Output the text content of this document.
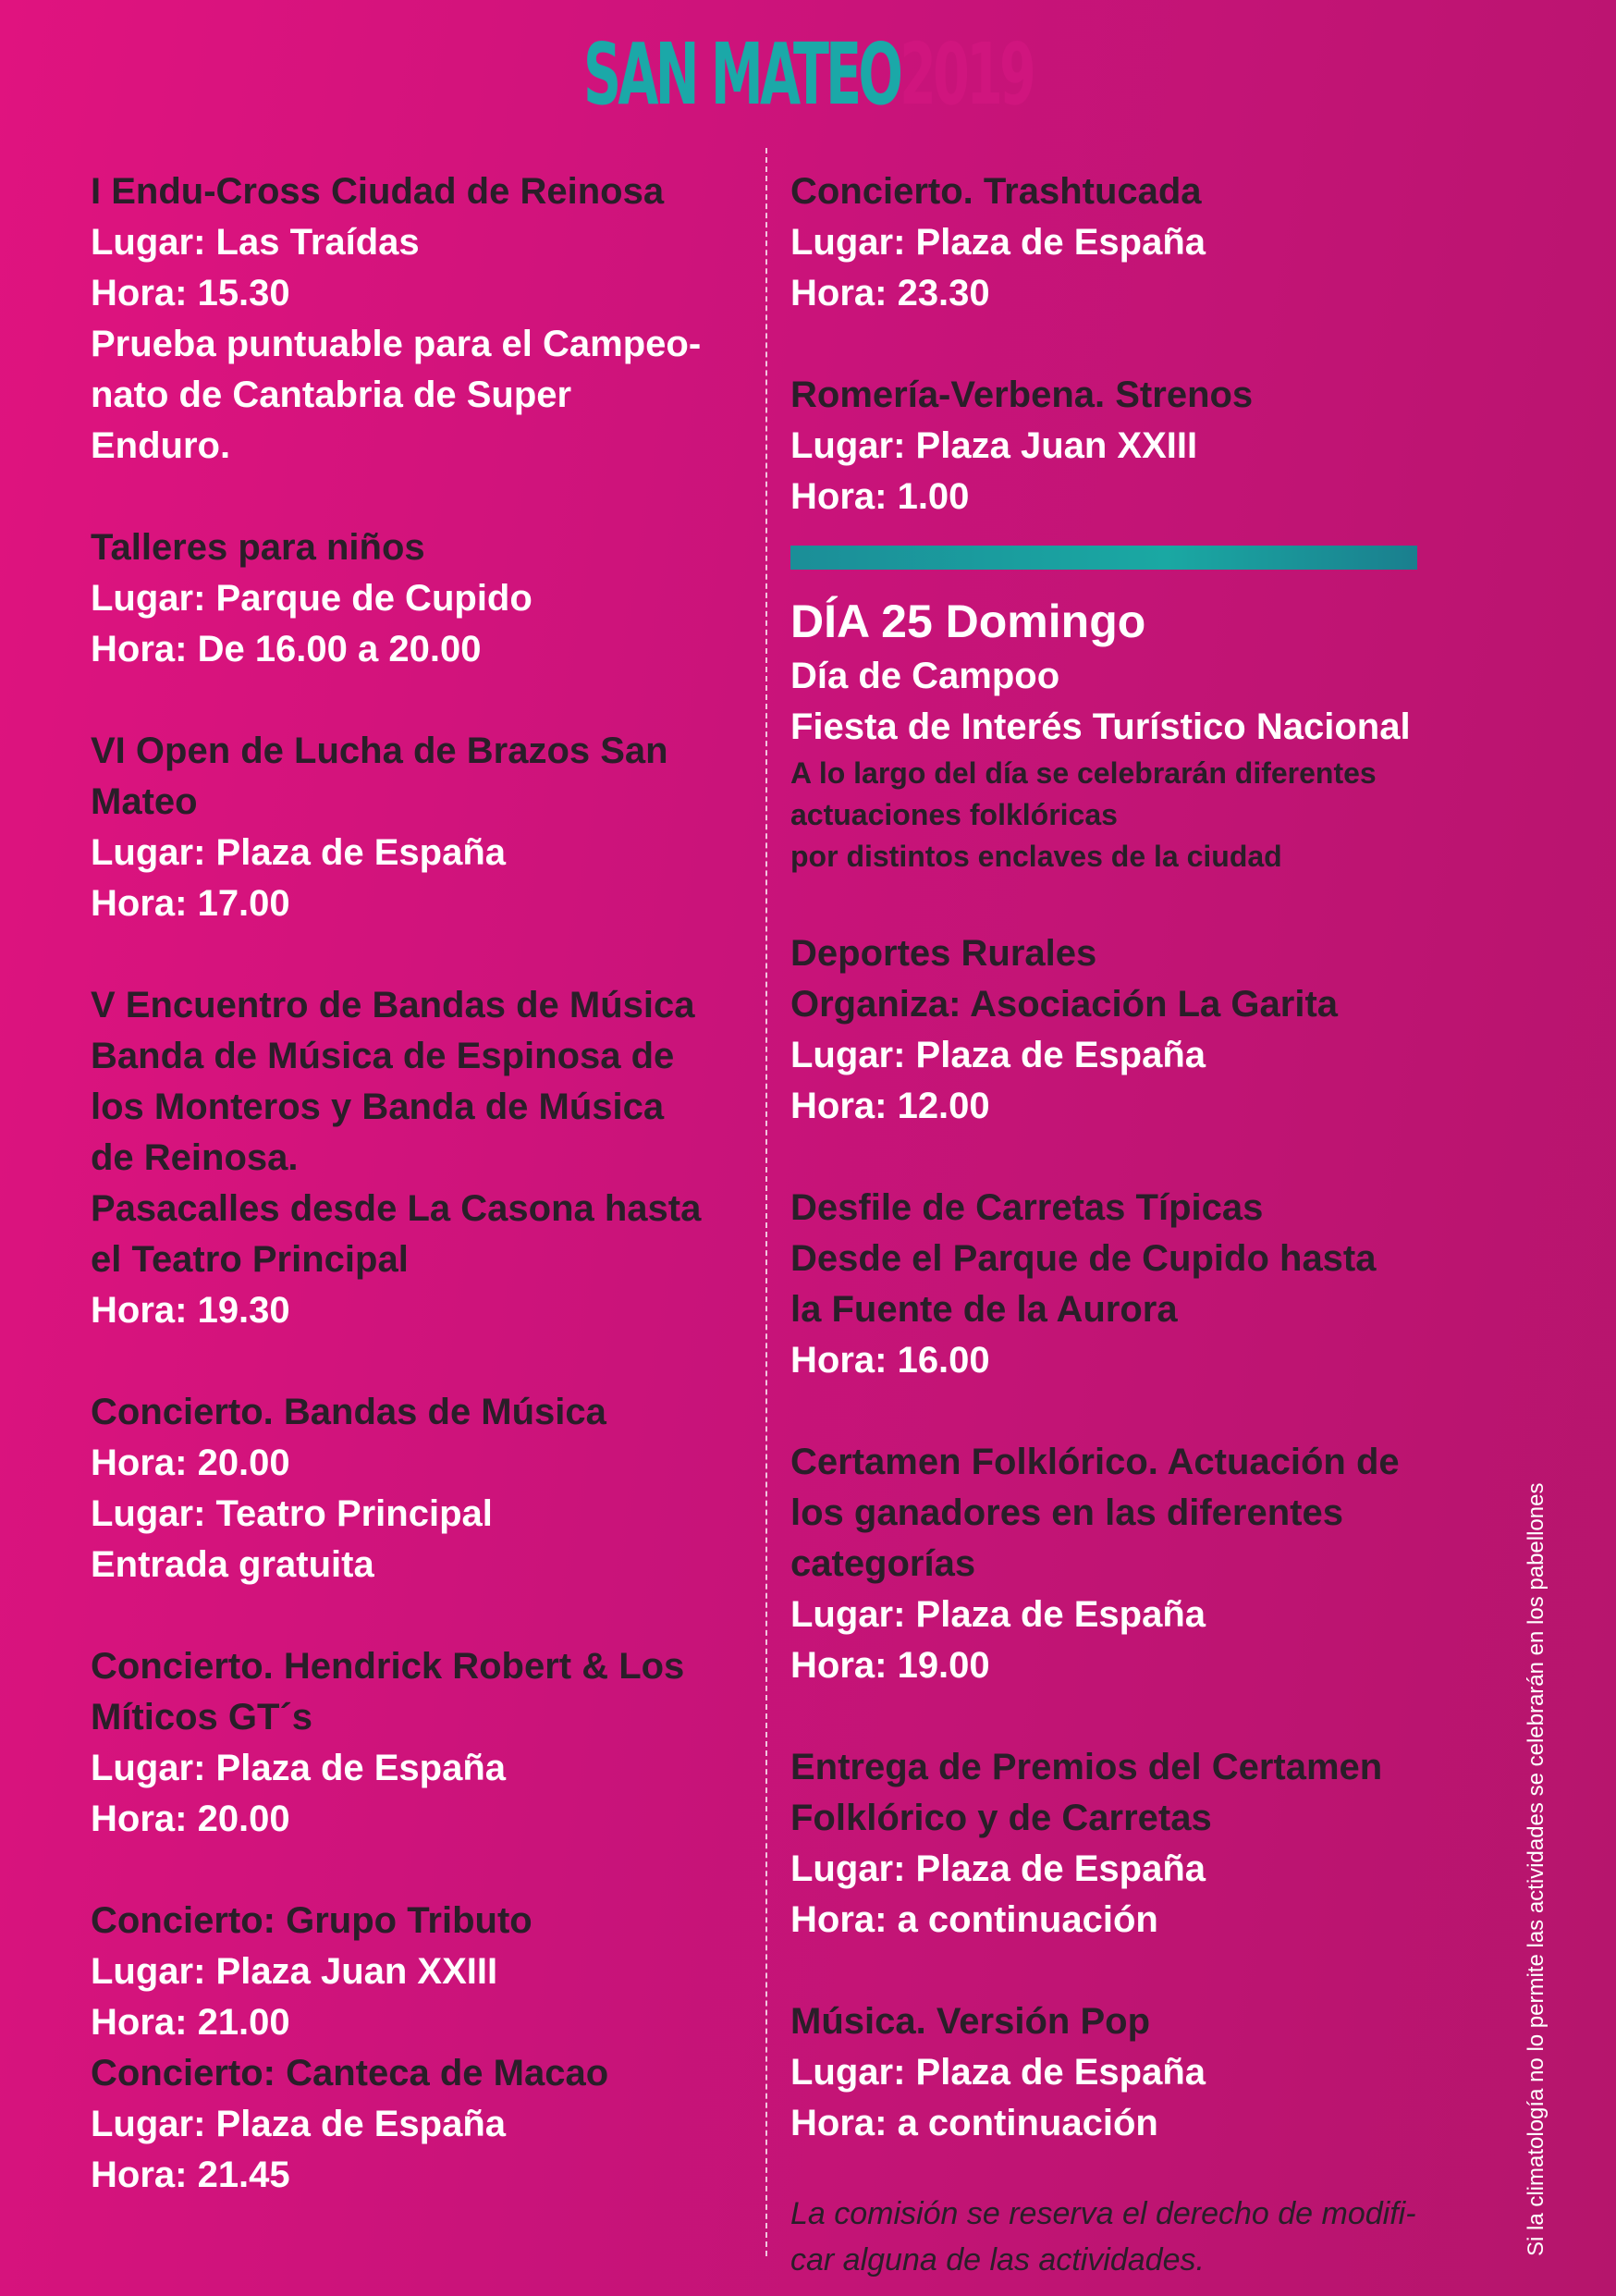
SAN MATEO2019
I Endu-Cross Ciudad de Reinosa
Lugar: Las Traídas
Hora: 15.30
Prueba puntuable para el Campeo-
nato de Cantabria de Super
Enduro.
Talleres para niños
Lugar: Parque de Cupido
Hora: De 16.00 a 20.00
VI Open de Lucha de Brazos San
Mateo
Lugar: Plaza de España
Hora: 17.00
V Encuentro de Bandas de Música
Banda de Música de Espinosa de
los Monteros y Banda de Música
de Reinosa.
Pasacalles desde La Casona hasta
el Teatro Principal
Hora: 19.30
Concierto. Bandas de Música
Hora: 20.00
Lugar: Teatro Principal
Entrada gratuita
Concierto. Hendrick Robert & Los
Míticos GT´s
Lugar: Plaza de España
Hora: 20.00
Concierto: Grupo Tributo
Lugar: Plaza Juan XXIII
Hora: 21.00
Concierto: Canteca de Macao
Lugar: Plaza de España
Hora: 21.45
Concierto. Trashtucada
Lugar: Plaza de España
Hora: 23.30
Romería-Verbena. Strenos
Lugar: Plaza Juan XXIII
Hora: 1.00
DÍA 25 Domingo
Día de Campoo
Fiesta de Interés Turístico Nacional
A lo largo del día se celebrarán diferentes
actuaciones folklóricas
por distintos enclaves de la ciudad
Deportes Rurales
Organiza: Asociación La Garita
Lugar: Plaza de España
Hora: 12.00
Desfile de Carretas Típicas
Desde el Parque de Cupido hasta
la Fuente de la Aurora
Hora: 16.00
Certamen Folklórico. Actuación de
los ganadores en las diferentes
categorías
Lugar: Plaza de España
Hora: 19.00
Entrega de Premios del Certamen
Folklórico y de Carretas
Lugar: Plaza de España
Hora: a continuación
Música. Versión Pop
Lugar: Plaza de España
Hora: a continuación
La comisión se reserva el derecho de modifi-
car alguna de las actividades.
Si la climatología no lo permite las actividades se celebrarán en los pabellones
